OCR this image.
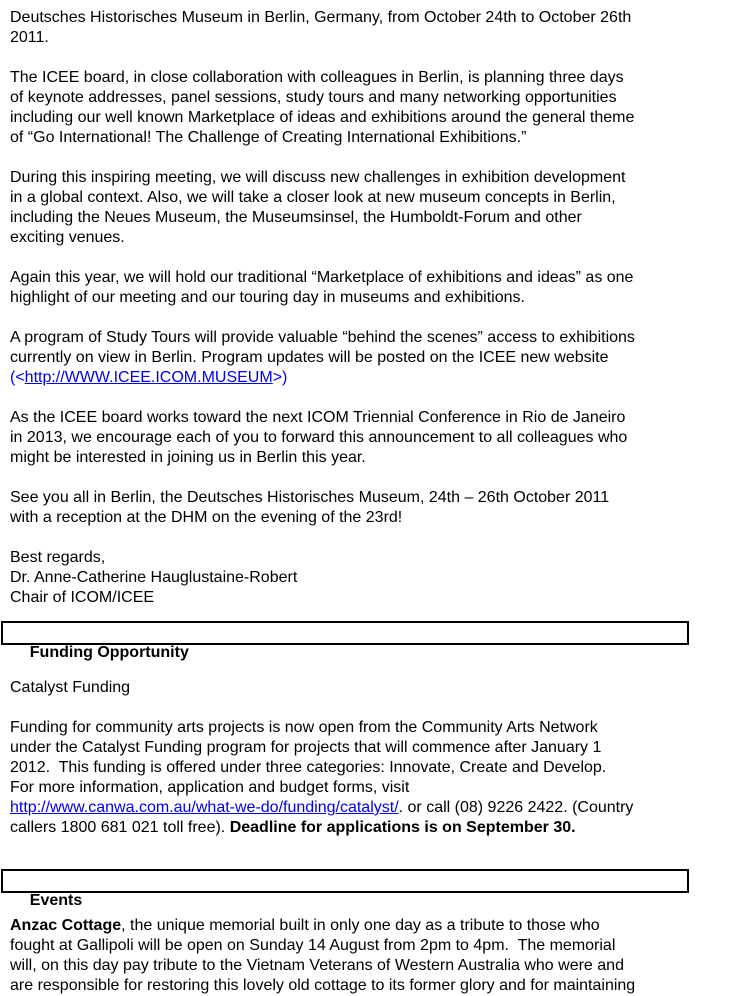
Deutsches Historisches Museum in Berlin, Germany, from October 24th to October 26th
2011.
The ICEE board, in close collaboration with colleagues in Berlin, is planning three days
of keynote addresses, panel sessions, study tours and many networking opportunities
including our well known Marketplace of ideas and exhibitions around the general theme
of “Go International! The Challenge of Creating International Exhibitions.”
During this inspiring meeting, we will discuss new challenges in exhibition development
in a global context. Also, we will take a closer look at new museum concepts in Berlin,
including the Neues Museum, the Museumsinsel, the Humboldt-Forum and other
exciting venues.
Again this year, we will hold our traditional “Marketplace of exhibitions and ideas” as one
highlight of our meeting and our touring day in museums and exhibitions.
A program of Study Tours will provide valuable “behind the scenes” access to exhibitions
currently on view in Berlin. Program updates will be posted on the ICEE new website
(<http://WWW.ICEE.ICOM.MUSEUM>)
As the ICEE board works toward the next ICOM Triennial Conference in Rio de Janeiro
in 2013, we encourage each of you to forward this announcement to all colleagues who
might be interested in joining us in Berlin this year.
See you all in Berlin, the Deutsches Historisches Museum, 24th – 26th October 2011
with a reception at the DHM on the evening of the 23rd!
Best regards,
Dr. Anne-Catherine Hauglustaine-Robert
Chair of ICOM/ICEE

Funding Opportunity

Catalyst Funding
Funding for community arts projects is now open from the Community Arts Network
under the Catalyst Funding program for projects that will commence after January 1
2012.  This funding is offered under three categories: Innovate, Create and Develop.
For more information, application and budget forms, visit
http://www.canwa.com.au/what-we-do/funding/catalyst/. or call (08) 9226 2422. (Country
callers 1800 681 021 toll free). Deadline for applications is on September 30.

Events

Anzac Cottage, the unique memorial built in only one day as a tribute to those who
fought at Gallipoli will be open on Sunday 14 August from 2pm to 4pm.  The memorial
will, on this day pay tribute to the Vietnam Veterans of Western Australia who were and
are responsible for restoring this lovely old cottage to its former glory and for maintaining
